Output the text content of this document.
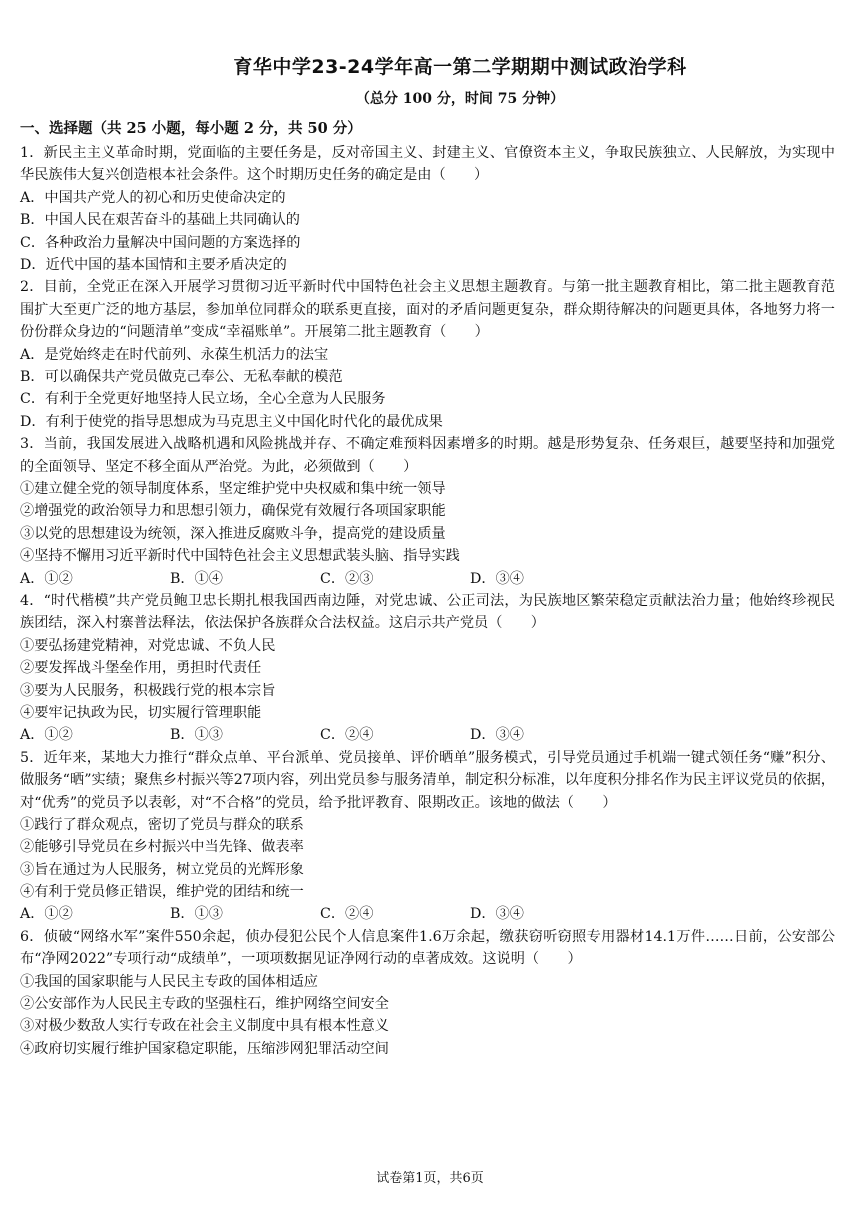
育华中学23-24学年高一第二学期期中测试政治学科
（总分 100 分，时间 75 分钟）
一、选择题（共 25 小题，每小题 2 分，共 50 分）
1．新民主主义革命时期，党面临的主要任务是，反对帝国主义、封建主义、官僚资本主义，争取民族独立、人民解放，为实现中华民族伟大复兴创造根本社会条件。这个时期历史任务的确定是由（　　）
A．中国共产党人的初心和历史使命决定的
B．中国人民在艰苦奋斗的基础上共同确认的
C．各种政治力量解决中国问题的方案选择的
D．近代中国的基本国情和主要矛盾决定的
2．目前，全党正在深入开展学习贯彻习近平新时代中国特色社会主义思想主题教育。与第一批主题教育相比，第二批主题教育范围扩大至更广泛的地方基层，参加单位同群众的联系更直接，面对的矛盾问题更复杂，群众期待解决的问题更具体，各地努力将一份份群众身边的“问题清单”变成“幸福账单”。开展第二批主题教育（　　）
A．是党始终走在时代前列、永葆生机活力的法宝
B．可以确保共产党员做克己奉公、无私奉献的模范
C．有利于全党更好地坚持人民立场，全心全意为人民服务
D．有利于使党的指导思想成为马克思主义中国化时代化的最优成果
3．当前，我国发展进入战略机遇和风险挑战并存、不确定难预料因素增多的时期。越是形势复杂、任务艰巨，越要坚持和加强党的全面领导、坚定不移全面从严治党。为此，必须做到（　　）
①建立健全党的领导制度体系，坚定维护党中央权威和集中统一领导
②增强党的政治领导力和思想引领力，确保党有效履行各项国家职能
③以党的思想建设为统领，深入推进反腐败斗争，提高党的建设质量
④坚持不懈用习近平新时代中国特色社会主义思想武装头脑、指导实践
A．①②	B．①④	C．②③	D．③④
4．“时代楷模”共产党员鲍卫忠长期扎根我国西南边陲，对党忠诚、公正司法，为民族地区繁荣稳定贡献法治力量；他始终珍视民族团结，深入村寨普法释法，依法保护各族群众合法权益。这启示共产党员（　　）
①要弘扬建党精神，对党忠诚、不负人民
②要发挥战斗堡垒作用，勇担时代责任
③要为人民服务，积极践行党的根本宗旨
④要牢记执政为民，切实履行管理职能
A．①②	B．①③	C．②④	D．③④
5．近年来，某地大力推行“群众点单、平台派单、党员接单、评价晒单”服务模式，引导党员通过手机端一键式领任务“赚”积分、做服务“晒”实绩；聚焦乡村振兴等27项内容，列出党员参与服务清单，制定积分标准，以年度积分排名作为民主评议党员的依据，对“优秀”的党员予以表彰，对“不合格”的党员，给予批评教育、限期改正。该地的做法（　　）
①践行了群众观点，密切了党员与群众的联系
②能够引导党员在乡村振兴中当先锋、做表率
③旨在通过为人民服务，树立党员的光辉形象
④有利于党员修正错误，维护党的团结和统一
A．①②	B．①③	C．②④	D．③④
6．侦破“网络水军”案件550余起，侦办侵犯公民个人信息案件1.6万余起，缴获窃听窃照专用器材14.1万件……日前，公安部公布“净网2022”专项行动“成绩单”，一项项数据见证净网行动的卓著成效。这说明（　　）
①我国的国家职能与人民民主专政的国体相适应
②公安部作为人民民主专政的坚强柱石，维护网络空间安全
③对极少数敌人实行专政在社会主义制度中具有根本性意义
④政府切实履行维护国家稳定职能，压缩涉网犯罪活动空间
试卷第1页，共6页
